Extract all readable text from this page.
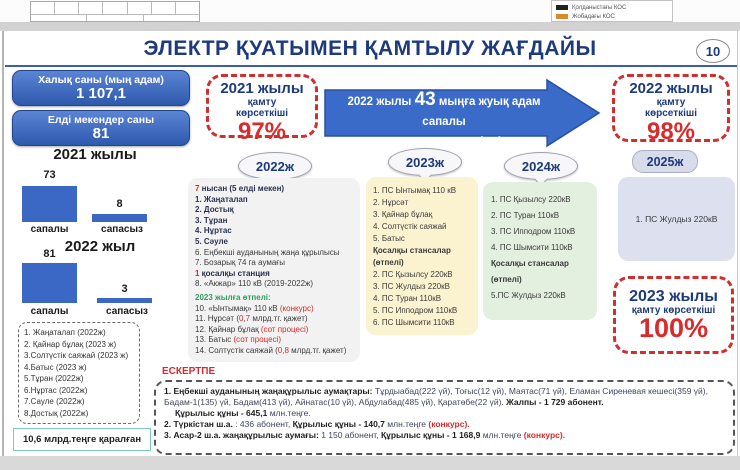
Қолданыстағы КОС
Жобадағы КОС
ЭЛЕКТР ҚУАТЫМЕН ҚАМТЫЛУ ЖАҒДАЙЫ	10
Халық саны (мың адам)
1 107,1
Елді мекендер саны
81
2021 жылы
73
8
сапалы	сапасыз
2022 жыл
81
3
сапалы	сапасыз
1. Жаңаталап (2022ж)
2. Қайнар бұлақ (2023 ж)
3.Солтүстік саяжай (2023 ж)
4.Батыс (2023 ж)
5.Тұран (2022ж)
6.Нұртас (2022ж)
7.Сауле (2022ж)
8.Достық (2022ж)
10,6 млрд.теңге қаралған
2021 жылы
қамту
көрсеткіші
97%
2022 жылы 43 мыңға жуық адам сапалы
электрмен қамтуға мүмкіндік алады
2022 жылы
қамту
көрсеткіші
98%
2022ж	2023ж	2024ж	2025ж
7 нысан (5 елді мекен)
1. Жаңаталап
2. Достық
3. Тұран
4. Нұртас
5. Сәуле
6. Еңбекші ауданының жаңа құрылысы
7. Бозарық 74 га аумағы
1 қосалқы станция
8. «Акжар» 110 кВ (2019-2022ж)
2023 жылға өтпелі:
10. «Ынтымақ» 110 кВ (конкурс)
11. Нұрсәт (0,7 млрд.тг. қажет)
12. Қайнар бұлақ (сот процесі)
13. Батыс (сот процесі)
14. Солтүстік саяжай (0,8 млрд.тг. қажет)
1. ПС Ынтымақ 110 кВ
2. Нұрсәт
3. Қайнар бұлақ
4. Солтүстік саяжай
5. Батыс
Қосалқы стансалар
(өтпелі)
2. ПС Қызылсу 220кВ
3. ПС Жулдыз 220кВ
4. ПС Туран 110кВ
5. ПС Ипподром 110кВ
6. ПС Шымсити 110кВ
1. ПС Қызылсу 220кВ
2. ПС Туран 110кВ
3. ПС Ипподром 110кВ
4. ПС Шымсити 110кВ
Қосалқы стансалар
(өтпелі)
5.ПС Жулдыз 220кВ
1. ПС Жулдыз 220кВ
2023 жылы
қамту көрсеткіші
100%
ЕСКЕРТПЕ
1. Еңбекші ауданының жаңақұрылыс аумақтары: Тұрдыабад(222 үй), Тоғыс(12 үй), Маятас(71 үй), Еламан Сиреневая кешесі(359 үй), Бадам-1(135) үй, Бадам(413 үй), Айнатас(10 үй), Абдулабад(485 үй), Қаратөбе(22 үй). Жалпы - 1 729 абонент.
Құрылыс құны - 645,1 млн.теңге.
2. Түркістан ш.а. : 436 абонент, Құрылыс құны - 140,7 млн.теңге (конкурс).
3. Асар-2 ш.а. жаңақұрылыс аумағы: 1 150 абонент, Құрылыс құны - 1 168,9 млн.теңге (конкурс).
